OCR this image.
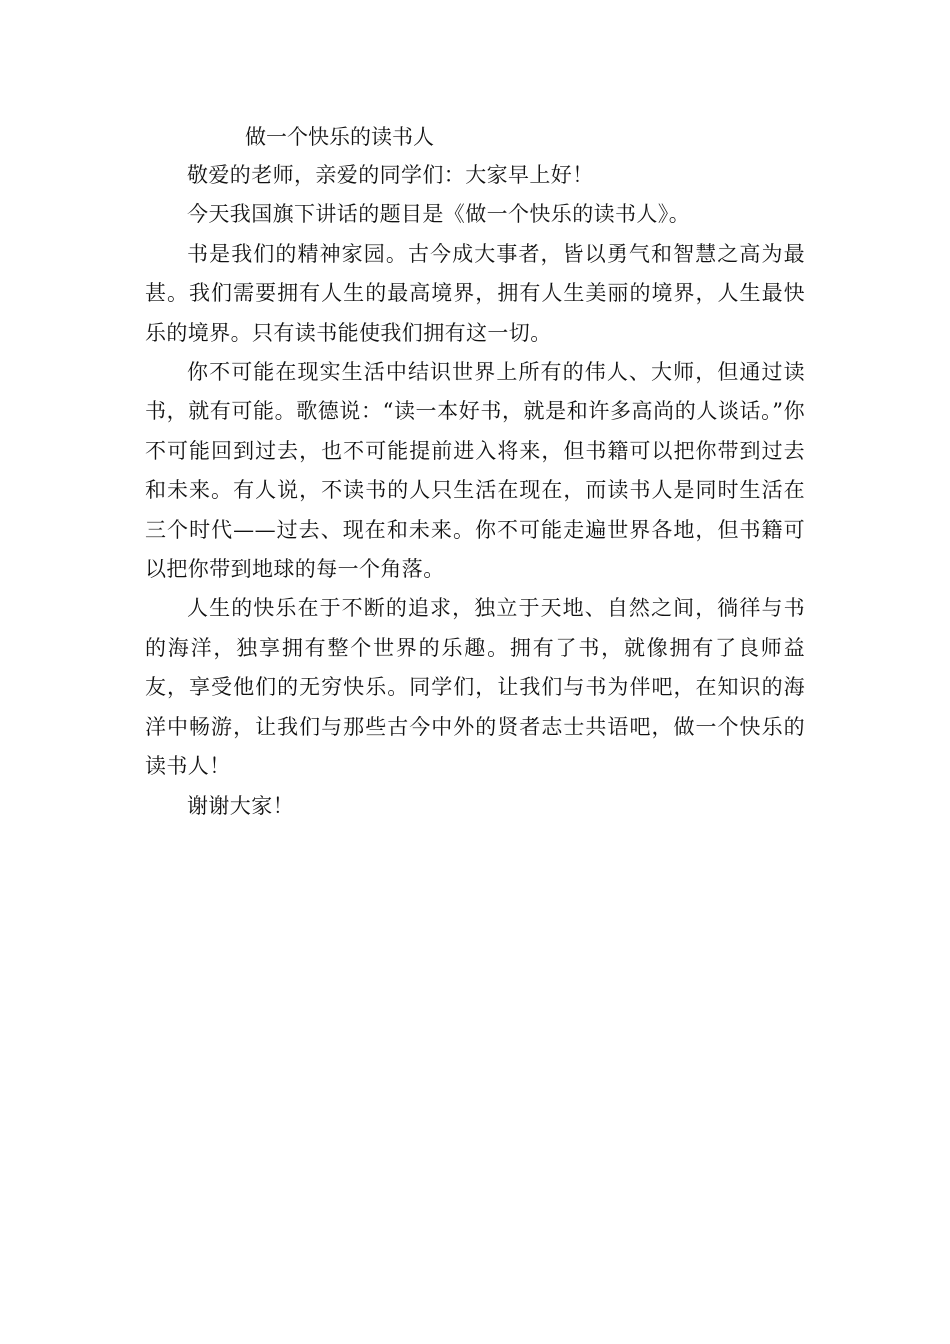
做一个快乐的读书人

敬爱的老师，亲爱的同学们：大家早上好！

今天我国旗下讲话的题目是《做一个快乐的读书人》。

书是我们的精神家园。古今成大事者，皆以勇气和智慧之高为最甚。我们需要拥有人生的最高境界，拥有人生美丽的境界，人生最快乐的境界。只有读书能使我们拥有这一切。

你不可能在现实生活中结识世界上所有的伟人、大师，但通过读书，就有可能。歌德说：“读一本好书，就是和许多高尚的人谈话。”你不可能回到过去，也不可能提前进入将来，但书籍可以把你带到过去和未来。有人说，不读书的人只生活在现在，而读书人是同时生活在三个时代——过去、现在和未来。你不可能走遍世界各地，但书籍可以把你带到地球的每一个角落。

人生的快乐在于不断的追求，独立于天地、自然之间，徜徉与书的海洋，独享拥有整个世界的乐趣。拥有了书，就像拥有了良师益友，享受他们的无穷快乐。同学们，让我们与书为伴吧，在知识的海洋中畅游，让我们与那些古今中外的贤者志士共语吧，做一个快乐的读书人！

谢谢大家！
